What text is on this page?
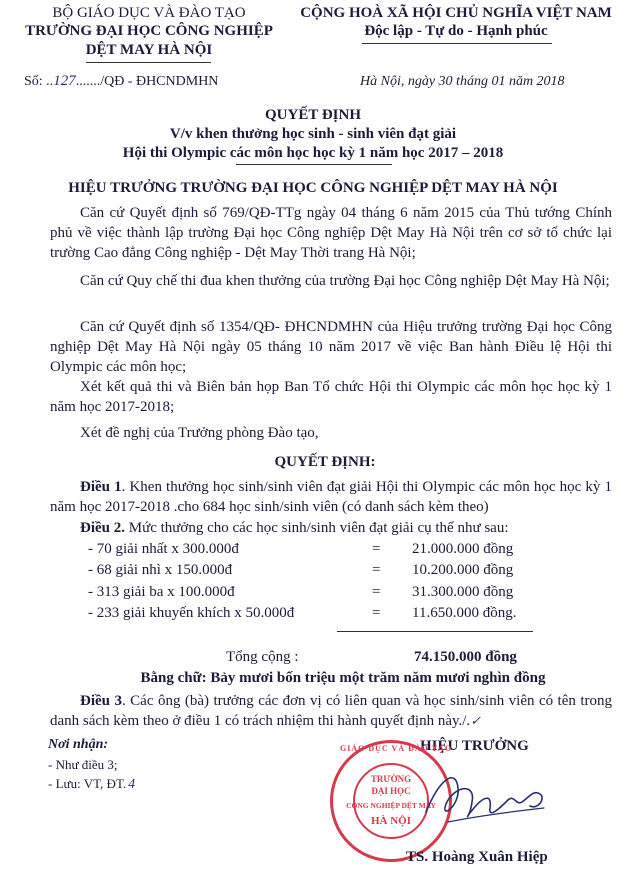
BỘ GIÁO DỤC VÀ ĐÀO TẠO
TRƯỜNG ĐẠI HỌC CÔNG NGHIỆP
DỆT MAY HÀ NỘI
CỘNG HOÀ XÃ HỘI CHỦ NGHĨA VIỆT NAM
Độc lập - Tự do - Hạnh phúc
Số: ..127......./QĐ - ĐHCNDMHN	Hà Nội, ngày 30 tháng 01 năm 2018
QUYẾT ĐỊNH
V/v khen thưởng học sinh - sinh viên đạt giải
Hội thi Olympic các môn học học kỳ 1 năm học 2017 – 2018
HIỆU TRƯỞNG TRƯỜNG ĐẠI HỌC CÔNG NGHIỆP DỆT MAY HÀ NỘI
Căn cứ Quyết định số 769/QĐ-TTg ngày 04 tháng 6 năm 2015 của Thủ tướng Chính phủ về việc thành lập trường Đại học Công nghiệp Dệt May Hà Nội trên cơ sở tổ chức lại trường Cao đẳng Công nghiệp - Dệt May Thời trang Hà Nội;
Căn cứ Quy chế thi đua khen thưởng của trường Đại học Công nghiệp Dệt May Hà Nội;
Căn cứ Quyết định số 1354/QĐ- ĐHCNDMHN của Hiệu trưởng trường Đại học Công nghiệp Dệt May Hà Nội ngày 05 tháng 10 năm 2017 về việc Ban hành Điều lệ Hội thi Olympic các môn học;
Xét kết quả thi và Biên bản họp Ban Tổ chức Hội thi Olympic các môn học học kỳ 1 năm học 2017-2018;
Xét đề nghị của Trưởng phòng Đào tạo,
QUYẾT ĐỊNH:
Điều 1. Khen thưởng học sinh/sinh viên đạt giải Hội thi Olympic các môn học học kỳ 1 năm học 2017-2018 .cho 684 học sinh/sinh viên (có danh sách kèm theo)
Điều 2. Mức thưởng cho các học sinh/sinh viên đạt giải cụ thể như sau:
- 70 giải nhất x 300.000đ	= 21.000.000 đồng
- 68 giải nhì x 150.000đ	= 10.200.000 đồng
- 313 giải ba x 100.000đ	= 31.300.000 đồng
- 233 giải khuyến khích x 50.000đ	= 11.650.000 đồng.
Tổng cộng :	74.150.000 đồng
Bằng chữ: Bảy mươi bốn triệu một trăm năm mươi nghìn đồng
Điều 3. Các ông (bà) trưởng các đơn vị có liên quan và học sinh/sinh viên có tên trong danh sách kèm theo ở điều 1 có trách nhiệm thi hành quyết định này./.✓
Nơi nhận:
- Như điều 3;
- Lưu: VT, ĐT. 4
HIỆU TRƯỞNG
GIÁO DỤC VÀ ĐÀO TẠO
TRƯỜNG
ĐẠI HỌC
CÔNG NGHIỆP DỆT MAY
HÀ NỘI
TS. Hoàng Xuân Hiệp
